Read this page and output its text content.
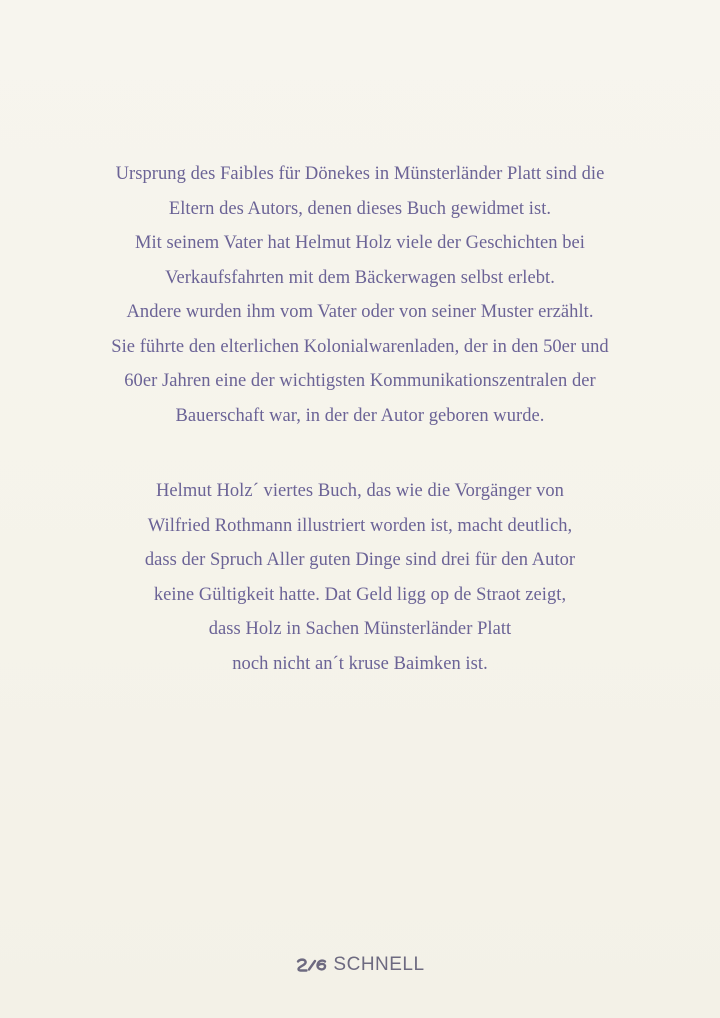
Ursprung des Faibles für Dönekes in Münsterländer Platt sind die
Eltern des Autors, denen dieses Buch gewidmet ist.
Mit seinem Vater hat Helmut Holz viele der Geschichten bei
Verkaufsfahrten mit dem Bäckerwagen selbst erlebt.
Andere wurden ihm vom Vater oder von seiner Muster erzählt.
Sie führte den elterlichen Kolonialwarenladen, der in den 50er und
60er Jahren eine der wichtigsten Kommunikationszentralen der
Bauerschaft war, in der der Autor geboren wurde.
Helmut Holz´ viertes Buch, das wie die Vorgänger von
Wilfried Rothmann illustriert worden ist, macht deutlich,
dass der Spruch Aller guten Dinge sind drei für den Autor
keine Gültigkeit hatte. Dat Geld ligg op de Straot zeigt,
dass Holz in Sachen Münsterländer Platt
noch nicht an´t kruse Baimken ist.
SCHNELL
